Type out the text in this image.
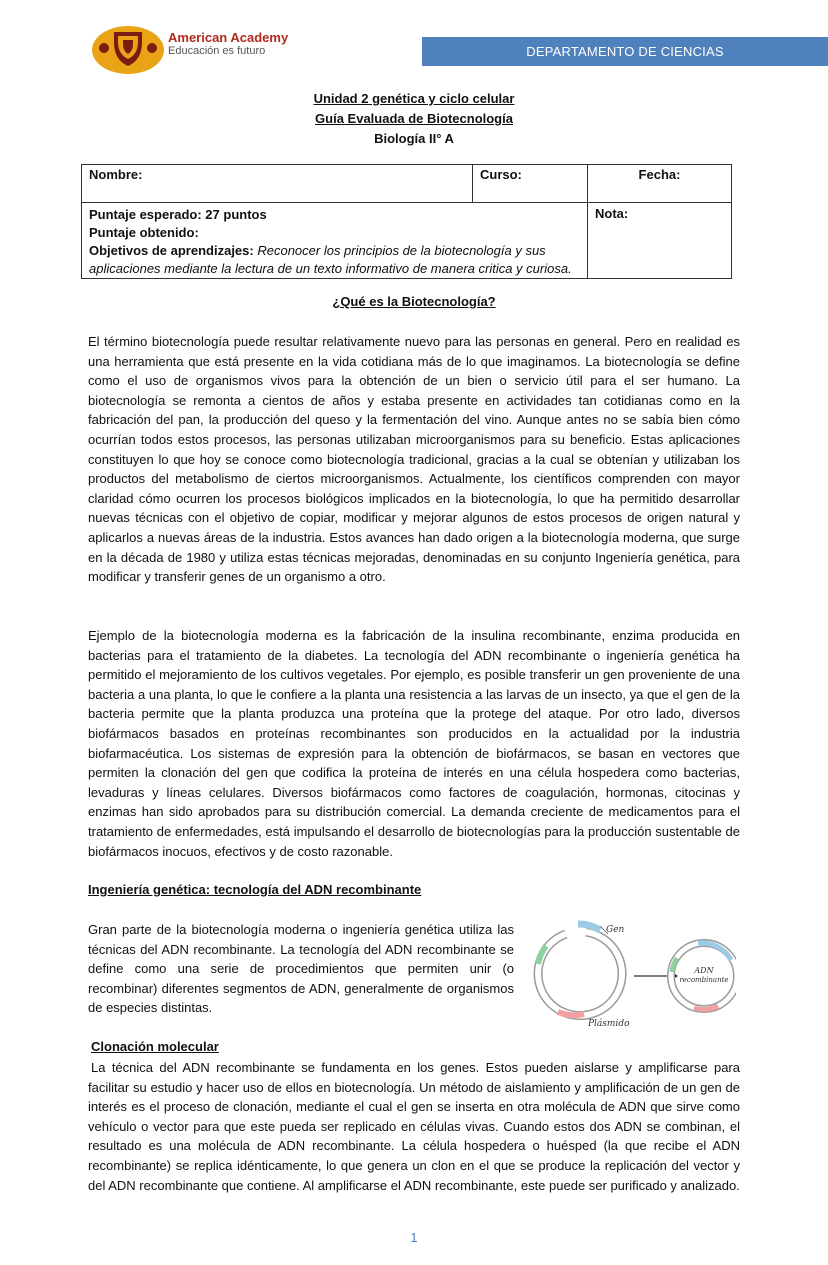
American Academy
Educación es futuro	DEPARTAMENTO DE CIENCIAS
Unidad 2 genética y ciclo celular
Guía Evaluada de Biotecnología
Biología II° A
Nombre:	Curso:	Fecha:

Puntaje esperado: 27 puntos
Puntaje obtenido:
Objetivos de aprendizajes: Reconocer los principios de la biotecnología y sus aplicaciones mediante la lectura de un texto informativo de manera critica y curiosa.		Nota:
¿Qué es la Biotecnología?

El término biotecnología puede resultar relativamente nuevo para las personas en general. Pero en realidad es una herramienta que está presente en la vida cotidiana más de lo que imaginamos. La biotecnología se define como el uso de organismos vivos para la obtención de un bien o servicio útil para el ser humano. La biotecnología se remonta a cientos de años y estaba presente en actividades tan cotidianas como en la fabricación del pan, la producción del queso y la fermentación del vino. Aunque antes no se sabía bien cómo ocurrían todos estos procesos, las personas utilizaban microorganismos para su beneficio. Estas aplicaciones constituyen lo que hoy se conoce como biotecnología tradicional, gracias a la cual se obtenían y utilizaban los productos del metabolismo de ciertos microorganismos. Actualmente, los científicos comprenden con mayor claridad cómo ocurren los procesos biológicos implicados en la biotecnología, lo que ha permitido desarrollar nuevas técnicas con el objetivo de copiar, modificar y mejorar algunos de estos procesos de origen natural y aplicarlos a nuevas áreas de la industria. Estos avances han dado origen a la biotecnología moderna, que surge en la década de 1980 y utiliza estas técnicas mejoradas, denominadas en su conjunto Ingeniería genética, para modificar y transferir genes de un organismo a otro.

Ejemplo de la biotecnología moderna es la fabricación de la insulina recombinante, enzima producida en bacterias para el tratamiento de la diabetes. La tecnología del ADN recombinante o ingeniería genética ha permitido el mejoramiento de los cultivos vegetales. Por ejemplo, es posible transferir un gen proveniente de una bacteria a una planta, lo que le confiere a la planta una resistencia a las larvas de un insecto, ya que el gen de la bacteria permite que la planta produzca una proteína que la protege del ataque. Por otro lado, diversos biofármacos basados en proteínas recombinantes son producidos en la actualidad por la industria biofarmacéutica. Los sistemas de expresión para la obtención de biofármacos, se basan en vectores que permiten la clonación del gen que codifica la proteína de interés en una célula hospedera como bacterias, levaduras y líneas celulares. Diversos biofármacos como factores de coagulación, hormonas, citocinas y enzimas han sido aprobados para su distribución comercial. La demanda creciente de medicamentos para el tratamiento de enfermedades, está impulsando el desarrollo de biotecnologías para la producción sustentable de biofármacos inocuos, efectivos y de costo razonable.

Ingeniería genética: tecnología del ADN recombinante

Gran parte de la biotecnología moderna o ingeniería genética utiliza las técnicas del ADN recombinante. La tecnología del ADN recombinante se define como una serie de procedimientos que permiten unir (o recombinar) diferentes segmentos de ADN, generalmente de organismos de especies distintas.

Gen
Plásmido
ADN
recombinante
Clonación molecular

La técnica del ADN recombinante se fundamenta en los genes. Estos pueden aislarse y amplificarse para facilitar su estudio y hacer uso de ellos en biotecnología. Un método de aislamiento y amplificación de un gen de interés es el proceso de clonación, mediante el cual el gen se inserta en otra molécula de ADN que sirve como vehículo o vector para que este pueda ser replicado en células vivas. Cuando estos dos ADN se combinan, el resultado es una molécula de ADN recombinante. La célula hospedera o huésped (la que recibe el ADN recombinante) se replica idénticamente, lo que genera un clon en el que se produce la replicación del vector y del ADN recombinante que contiene. Al amplificarse el ADN recombinante, este puede ser purificado y analizado.

1
